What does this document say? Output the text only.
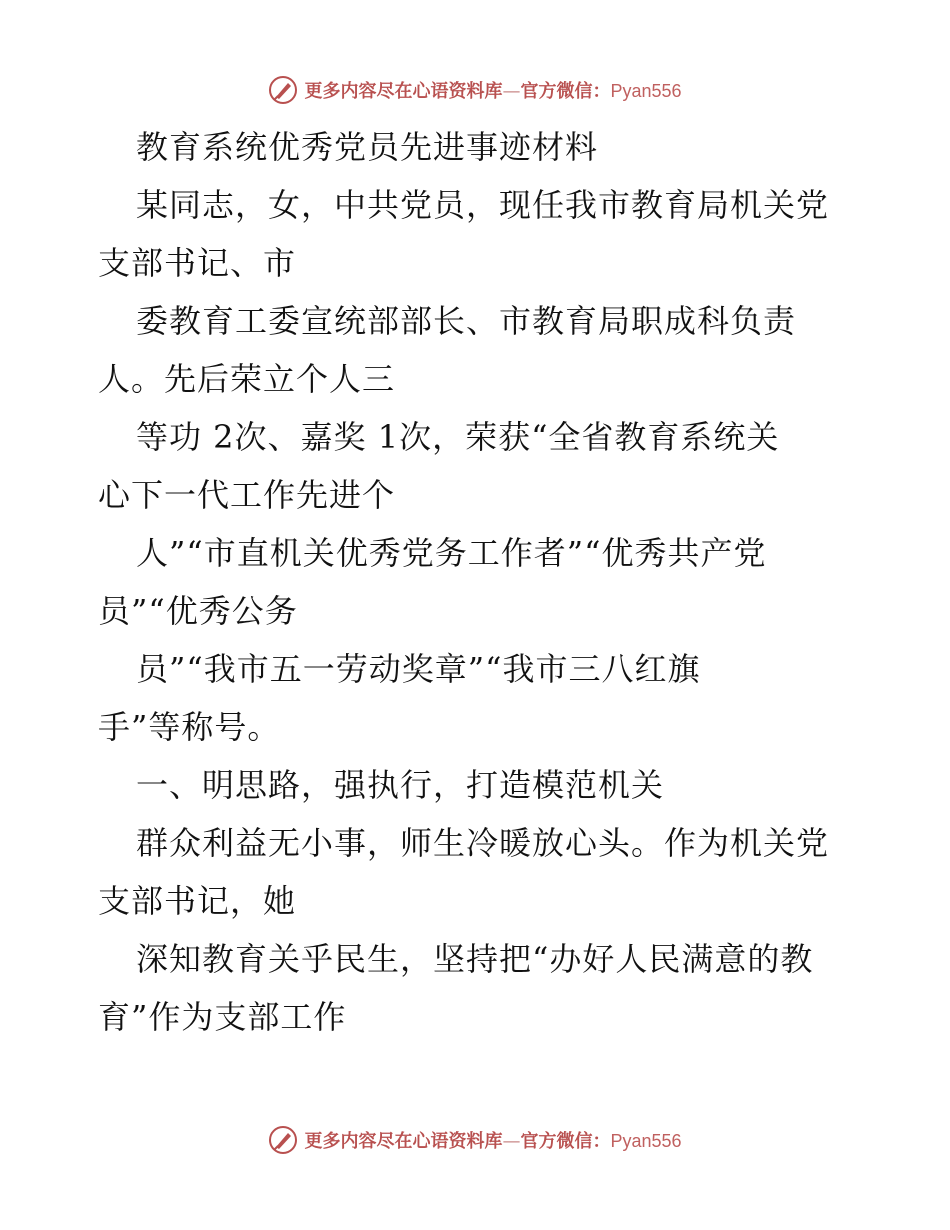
更多内容尽在心语资料库—官方微信：Pyan556
教育系统优秀党员先进事迹材料
某同志，女，中共党员，现任我市教育局机关党
支部书记、市
委教育工委宣统部部长、市教育局职成科负责
人。先后荣立个人三
等功 2次、嘉奖 1次，荣获“全省教育系统关
心下一代工作先进个
人”“市直机关优秀党务工作者”“优秀共产党
员”“优秀公务
员”“我市五一劳动奖章”“我市三八红旗
手”等称号。
一、明思路，强执行，打造模范机关
群众利益无小事，师生冷暖放心头。作为机关党
支部书记，她
深知教育关乎民生，坚持把“办好人民满意的教
育”作为支部工作
更多内容尽在心语资料库—官方微信：Pyan556
